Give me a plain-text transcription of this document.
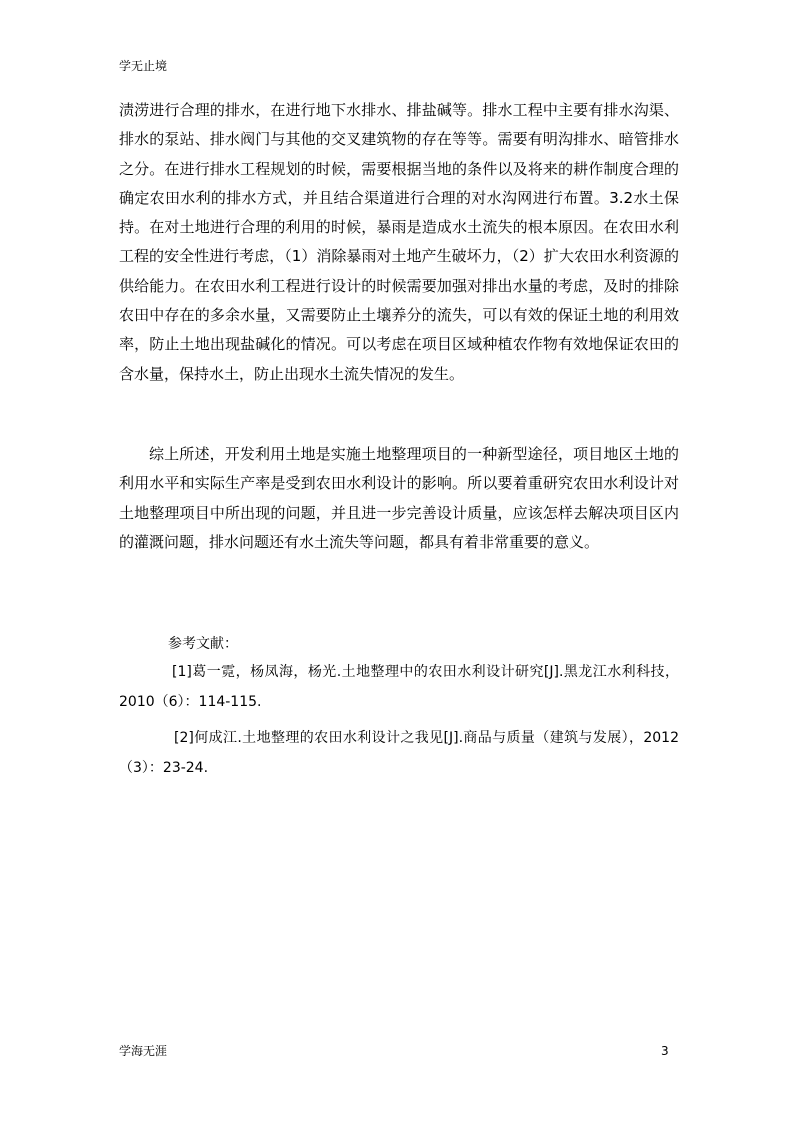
学无止境
渍涝进行合理的排水，在进行地下水排水、排盐碱等。排水工程中主要有排水沟渠、排水的泵站、排水阀门与其他的交叉建筑物的存在等等。需要有明沟排水、暗管排水之分。在进行排水工程规划的时候，需要根据当地的条件以及将来的耕作制度合理的确定农田水利的排水方式，并且结合渠道进行合理的对水沟网进行布置。3.2水土保持。在对土地进行合理的利用的时候，暴雨是造成水土流失的根本原因。在农田水利工程的安全性进行考虑，（1）消除暴雨对土地产生破坏力，（2）扩大农田水利资源的供给能力。在农田水利工程进行设计的时候需要加强对排出水量的考虑，及时的排除农田中存在的多余水量，又需要防止土壤养分的流失，可以有效的保证土地的利用效率，防止土地出现盐碱化的情况。可以考虑在项目区域种植农作物有效地保证农田的含水量，保持水土，防止出现水土流失情况的发生。
综上所述，开发利用土地是实施土地整理项目的一种新型途径，项目地区土地的利用水平和实际生产率是受到农田水利设计的影响。所以要着重研究农田水利设计对土地整理项目中所出现的问题，并且进一步完善设计质量，应该怎样去解决项目区内的灌溉问题，排水问题还有水土流失等问题，都具有着非常重要的意义。
参考文献：
[1]葛一霓，杨凤海，杨光.土地整理中的农田水利设计研究[J].黑龙江水利科技，2010（6）：114-115.
[2]何成江.土地整理的农田水利设计之我见[J].商品与质量（建筑与发展），2012（3）：23-24.
学海无涯	3
